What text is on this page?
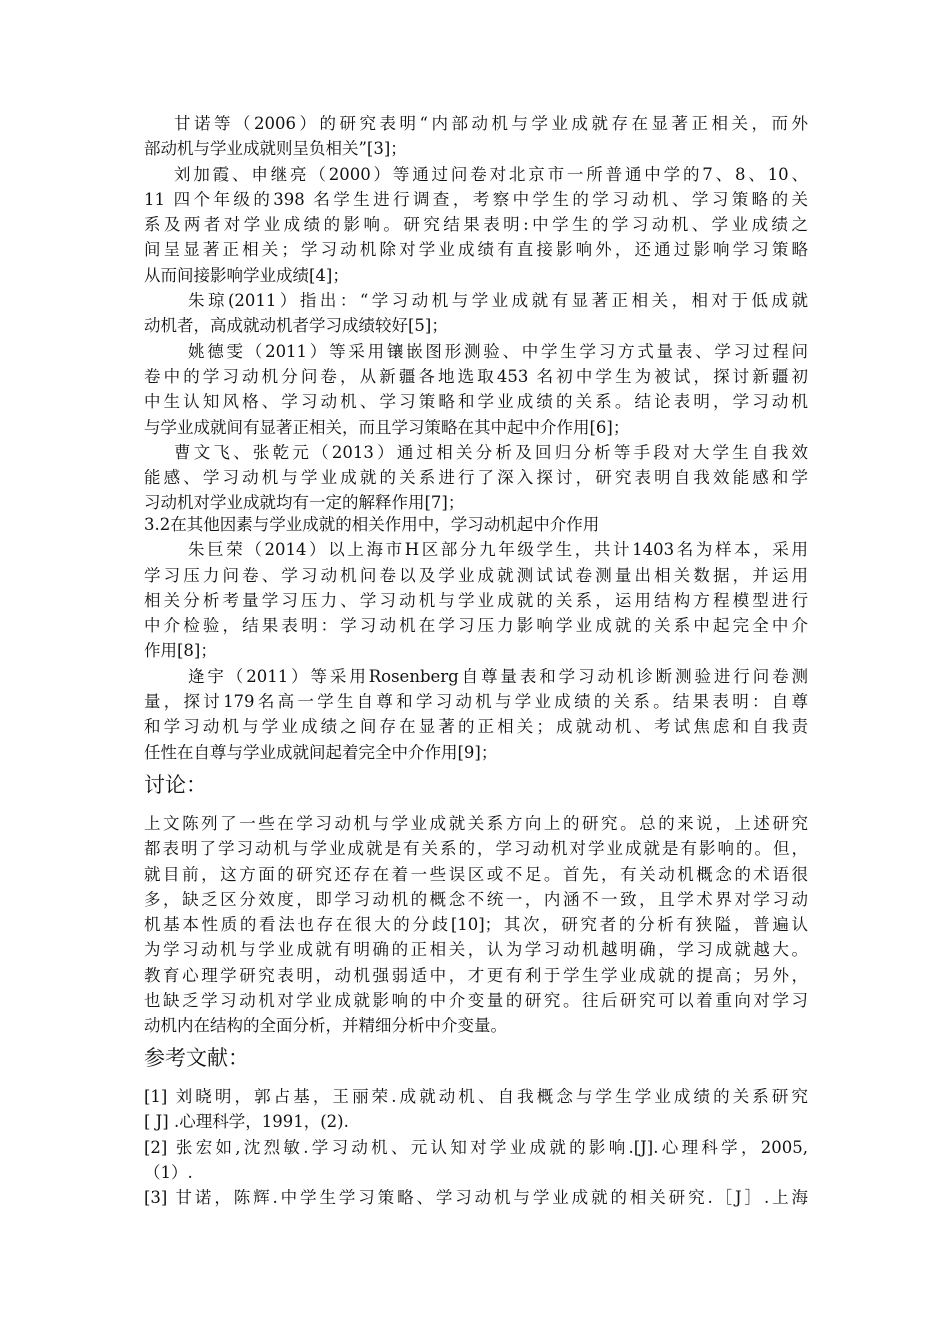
甘诺等（2006）的研究表明“内部动机与学业成就存在显著正相关，而外
部动机与学业成就则呈负相关”[3]；
刘加霞、申继亮（2000）等通过问卷对北京市一所普通中学的7、8、10、
11 四个年级的398 名学生进行调查，考察中学生的学习动机、学习策略的关
系及两者对学业成绩的影响。研究结果表明:中学生的学习动机、学业成绩之
间呈显著正相关；学习动机除对学业成绩有直接影响外，还通过影响学习策略
从而间接影响学业成绩[4]；
朱琼(2011）指出：“学习动机与学业成就有显著正相关，相对于低成就
动机者，高成就动机者学习成绩较好[5]；
姚德雯（2011）等采用镶嵌图形测验、中学生学习方式量表、学习过程问
卷中的学习动机分问卷，从新疆各地选取453 名初中学生为被试，探讨新疆初
中生认知风格、学习动机、学习策略和学业成绩的关系。结论表明，学习动机
与学业成就间有显著正相关，而且学习策略在其中起中介作用[6]；
曹文飞、张乾元（2013）通过相关分析及回归分析等手段对大学生自我效
能感、学习动机与学业成就的关系进行了深入探讨，研究表明自我效能感和学
习动机对学业成就均有一定的解释作用[7]；
3.2在其他因素与学业成就的相关作用中，学习动机起中介作用
朱巨荣（2014）以上海市H区部分九年级学生，共计1403名为样本，采用
学习压力问卷、学习动机问卷以及学业成就测试试卷测量出相关数据，并运用
相关分析考量学习压力、学习动机与学业成就的关系，运用结构方程模型进行
中介检验，结果表明：学习动机在学习压力影响学业成就的关系中起完全中介
作用[8]；
逄宇（2011）等采用Rosenberg自尊量表和学习动机诊断测验进行问卷测
量，探讨179名高一学生自尊和学习动机与学业成绩的关系。结果表明：自尊
和学习动机与学业成绩之间存在显著的正相关；成就动机、考试焦虑和自我责
任性在自尊与学业成就间起着完全中介作用[9]；
讨论：
上文陈列了一些在学习动机与学业成就关系方向上的研究。总的来说，上述研究
都表明了学习动机与学业成就是有关系的，学习动机对学业成就是有影响的。但，
就目前，这方面的研究还存在着一些误区或不足。首先，有关动机概念的术语很
多，缺乏区分效度，即学习动机的概念不统一，内涵不一致，且学术界对学习动
机基本性质的看法也存在很大的分歧[10]；其次，研究者的分析有狭隘，普遍认
为学习动机与学业成就有明确的正相关，认为学习动机越明确，学习成就越大。
教育心理学研究表明，动机强弱适中，才更有利于学生学业成就的提高；另外，
也缺乏学习动机对学业成就影响的中介变量的研究。往后研究可以着重向对学习
动机内在结构的全面分析，并精细分析中介变量。
参考文献：
[1] 刘晓明，郭占基，王丽荣.成就动机、自我概念与学生学业成绩的关系研究
[ J] .心理科学，1991，(2).
[2] 张宏如,沈烈敏.学习动机、元认知对学业成就的影响.[J].心理科学，2005,
（1）.
[3] 甘诺，陈辉.中学生学习策略、学习动机与学业成就的相关研究.［J］.上海
